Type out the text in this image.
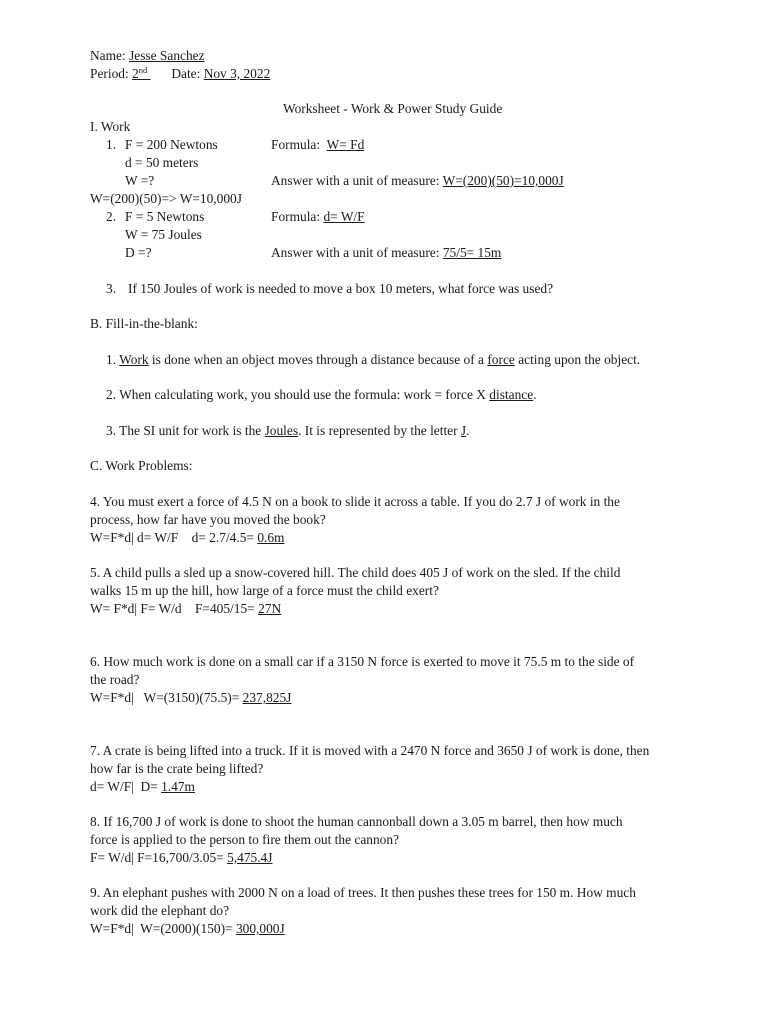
Name: Jesse Sanchez
Period: 2nd Date: Nov 3, 2022
Worksheet - Work & Power Study Guide
I. Work
1. F = 200 Newtons	Formula: W= Fd
d = 50 meters
W =?	Answer with a unit of measure: W=(200)(50)=10,000J
W=(200)(50)=> W=10,000J
2. F = 5 Newtons	Formula: d= W/F
W = 75 Joules
D =?	Answer with a unit of measure: 75/5= 15m
3. If 150 Joules of work is needed to move a box 10 meters, what force was used?
B. Fill-in-the-blank:
1. Work is done when an object moves through a distance because of a force acting upon the object.
2. When calculating work, you should use the formula: work = force X distance.
3. The SI unit for work is the Joules. It is represented by the letter J.
C. Work Problems:
4. You must exert a force of 4.5 N on a book to slide it across a table. If you do 2.7 J of work in the
process, how far have you moved the book?
W=F*d| d= W/F    d= 2.7/4.5= 0.6m
5. A child pulls a sled up a snow-covered hill. The child does 405 J of work on the sled. If the child
walks 15 m up the hill, how large of a force must the child exert?
W= F*d| F= W/d    F=405/15= 27N
6. How much work is done on a small car if a 3150 N force is exerted to move it 75.5 m to the side of
the road?
W=F*d|   W=(3150)(75.5)= 237,825J
7. A crate is being lifted into a truck. If it is moved with a 2470 N force and 3650 J of work is done, then
how far is the crate being lifted?
d= W/F|  D= 1.47m
8. If 16,700 J of work is done to shoot the human cannonball down a 3.05 m barrel, then how much
force is applied to the person to fire them out the cannon?
F= W/d| F=16,700/3.05= 5,475.4J
9. An elephant pushes with 2000 N on a load of trees. It then pushes these trees for 150 m. How much
work did the elephant do?
W=F*d|  W=(2000)(150)= 300,000J
